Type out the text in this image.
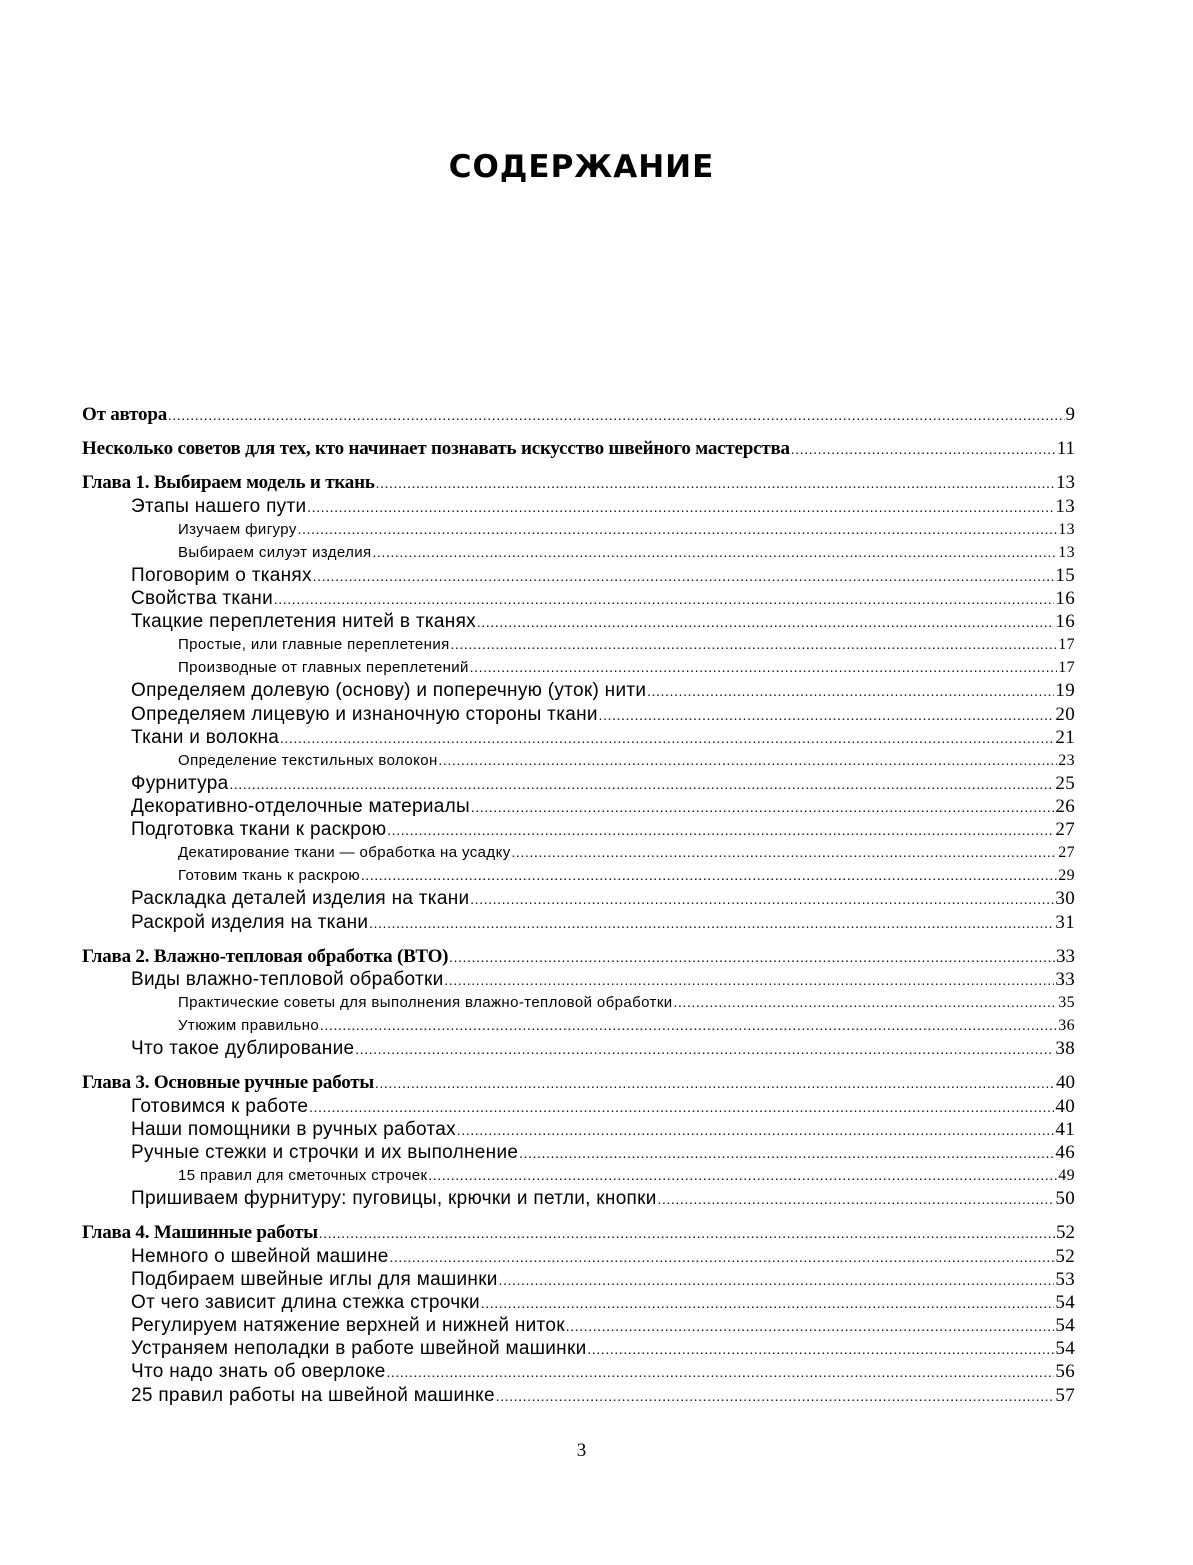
СОДЕРЖАНИЕ
От автора .....	9
Несколько советов для тех, кто начинает познавать искусство швейного мастерства .....	11
Глава 1. Выбираем модель и ткань .....	13
Этапы нашего пути .....	13
Изучаем фигуру .....	13
Выбираем силуэт изделия .....	13
Поговорим о тканях .....	15
Свойства ткани .....	16
Ткацкие переплетения нитей в тканях .....	16
Простые, или главные переплетения .....	17
Производные от главных переплетений .....	17
Определяем долевую (основу) и поперечную (уток) нити .....	19
Определяем лицевую и изнаночную стороны ткани .....	20
Ткани и волокна .....	21
Определение текстильных волокон .....	23
Фурнитура .....	25
Декоративно-отделочные материалы .....	26
Подготовка ткани к раскрою .....	27
Декатирование ткани — обработка на усадку .....	27
Готовим ткань к раскрою .....	29
Раскладка деталей изделия на ткани .....	30
Раскрой изделия на ткани .....	31
Глава 2. Влажно-тепловая обработка (ВТО) .....	33
Виды влажно-тепловой обработки .....	33
Практические советы для выполнения влажно-тепловой обработки .....	35
Утюжим правильно .....	36
Что такое дублирование .....	38
Глава 3. Основные ручные работы .....	40
Готовимся к работе .....	40
Наши помощники в ручных работах .....	41
Ручные стежки и строчки и их выполнение .....	46
15 правил для сметочных строчек .....	49
Пришиваем фурнитуру: пуговицы, крючки и петли, кнопки .....	50
Глава 4. Машинные работы .....	52
Немного о швейной машине .....	52
Подбираем швейные иглы для машинки .....	53
От чего зависит длина стежка строчки .....	54
Регулируем натяжение верхней и нижней ниток .....	54
Устраняем неполадки в работе швейной машинки .....	54
Что надо знать об оверлоке .....	56
25 правил работы на швейной машинке .....	57
3
